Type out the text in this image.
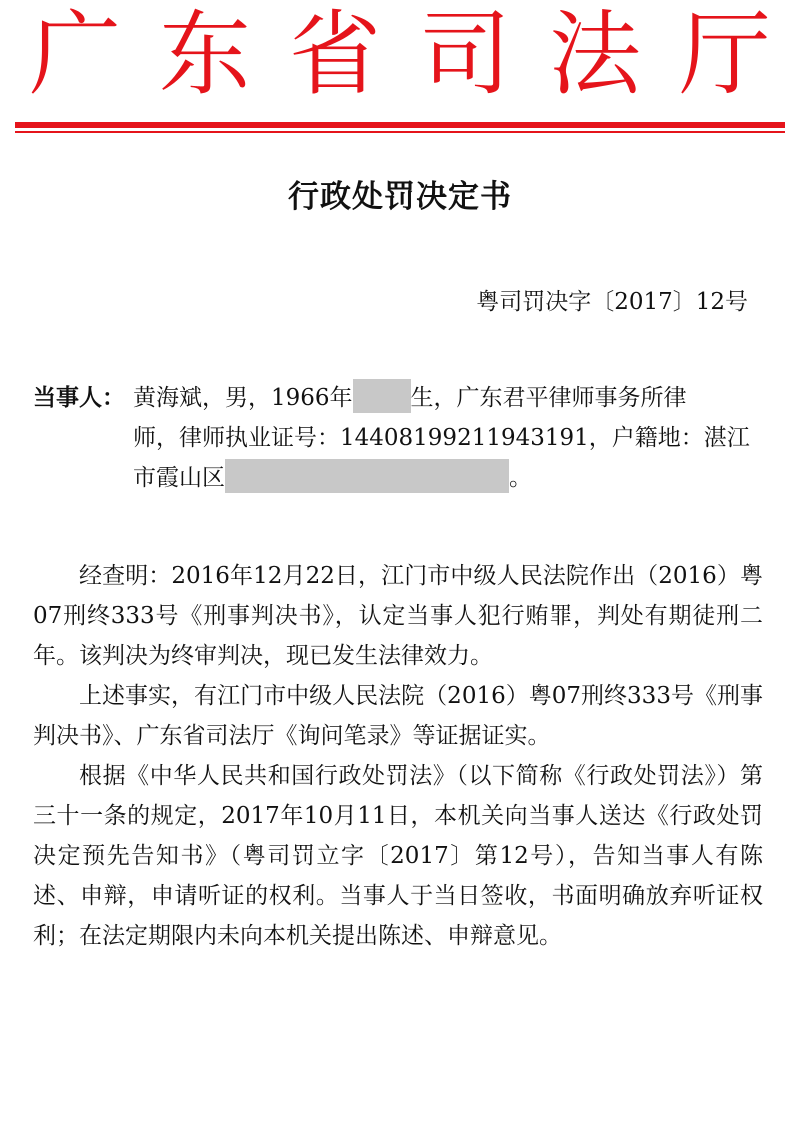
广 东 省 司 法 厅
行政处罚决定书
粤司罚决字〔2017〕12号
当事人： 黄海斌，男，1966年	生，广东君平律师事务所律
师，律师执业证号：14408199211943191，户籍地：湛江
市霞山区	。

经查明：2016年12月22日，江门市中级人民法院作出（2016）粤07刑终333号《刑事判决书》，认定当事人犯行贿罪，判处有期徒刑二年。该判决为终审判决，现已发生法律效力。

上述事实，有江门市中级人民法院（2016）粤07刑终333号《刑事判决书》、广东省司法厅《询问笔录》等证据证实。

根据《中华人民共和国行政处罚法》（以下简称《行政处罚法》）第三十一条的规定，2017年10月11日，本机关向当事人送达《行政处罚决定预先告知书》（粤司罚立字〔2017〕第12号），告知当事人有陈述、申辩，申请听证的权利。当事人于当日签收，书面明确放弃听证权利；在法定期限内未向本机关提出陈述、申辩意见。
